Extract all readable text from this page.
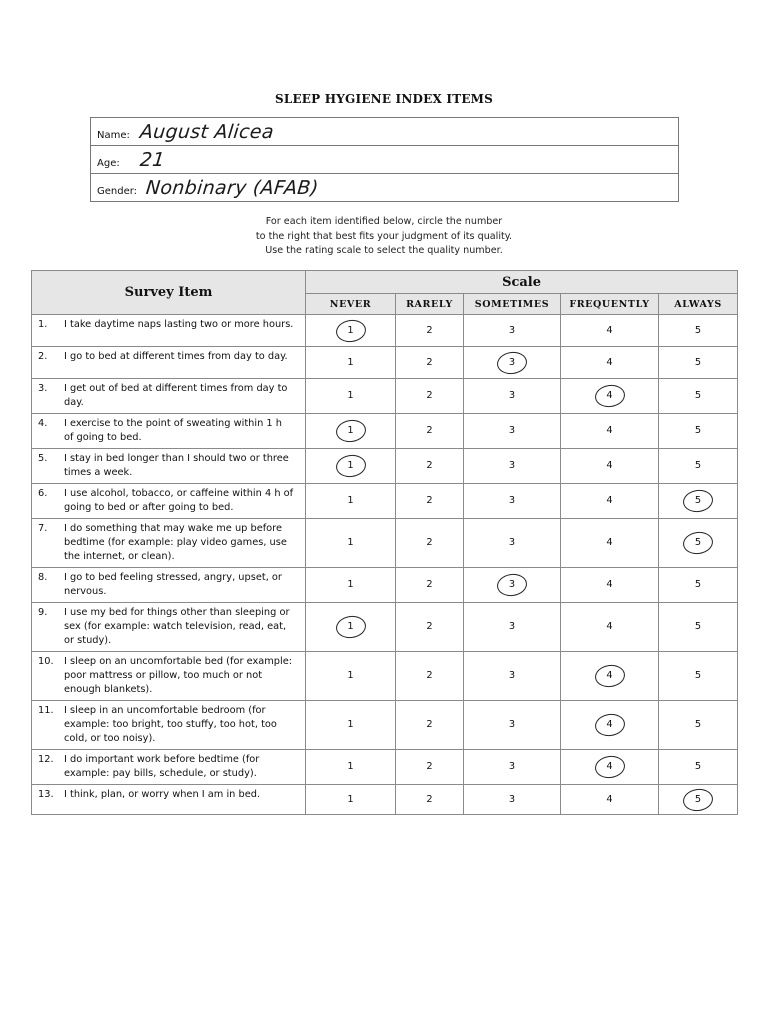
SLEEP HYGIENE INDEX ITEMS
Name: August Alicea
Age: 21
Gender: Nonbinary (AFAB)
For each item identified below, circle the number
to the right that best fits your judgment of its quality.
Use the rating scale to select the quality number.
Survey Item	Scale				
	NEVER	RARELY	SOMETIMES	FREQUENTLY	ALWAYS
1. I take daytime naps lasting two or more hours.	1	2	3	4	5
2. I go to bed at different times from day to day.	1	2	3	4	5
3. I get out of bed at different times from day to day.	1	2	3	4	5
4. I exercise to the point of sweating within 1 h of going to bed.	1	2	3	4	5
5. I stay in bed longer than I should two or three times a week.	1	2	3	4	5
6. I use alcohol, tobacco, or caffeine within 4 h of going to bed or after going to bed.	1	2	3	4	5
7. I do something that may wake me up before bedtime (for example: play video games, use the internet, or clean).	1	2	3	4	5
8. I go to bed feeling stressed, angry, upset, or nervous.	1	2	3	4	5
9. I use my bed for things other than sleeping or sex (for example: watch television, read, eat, or study).	1	2	3	4	5
10. I sleep on an uncomfortable bed (for example: poor mattress or pillow, too much or not enough blankets).	1	2	3	4	5
11. I sleep in an uncomfortable bedroom (for example: too bright, too stuffy, too hot, too cold, or too noisy).	1	2	3	4	5
12. I do important work before bedtime (for example: pay bills, schedule, or study).	1	2	3	4	5
13. I think, plan, or worry when I am in bed.	1	2	3	4	5
